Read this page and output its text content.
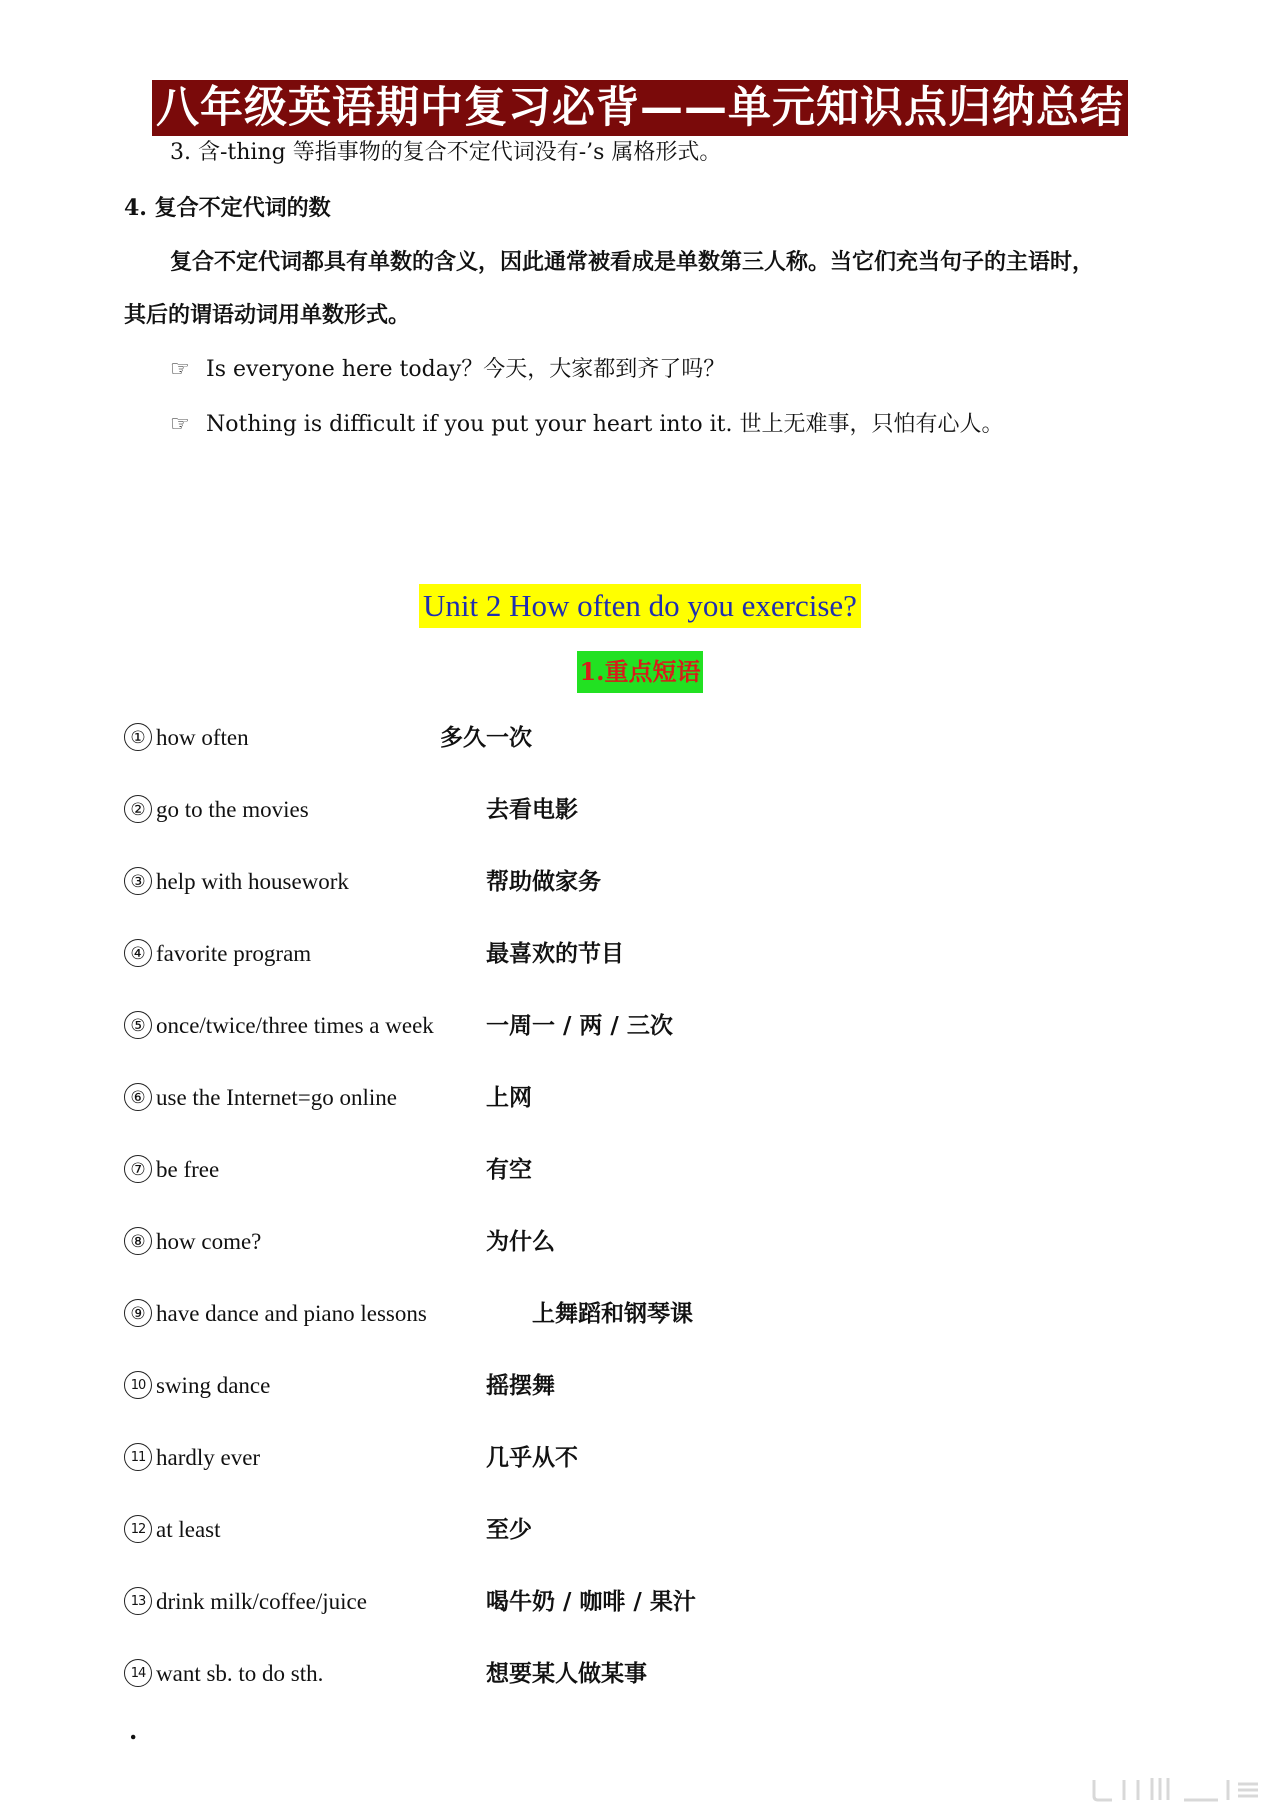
八年级英语期中复习必背——单元知识点归纳总结
3. 含-thing 等指事物的复合不定代词没有-’s 属格形式。
4. 复合不定代词的数
复合不定代词都具有单数的含义，因此通常被看成是单数第三人称。当它们充当句子的主语时，
其后的谓语动词用单数形式。
☞ Is everyone here today？今天，大家都到齐了吗？
☞ Nothing is difficult if you put your heart into it. 世上无难事，只怕有心人。
Unit 2 How often do you exercise?
1.重点短语
① how often	多久一次
② go to the movies	去看电影
③ help with housework	帮助做家务
④ favorite program	最喜欢的节目
⑤ once/twice/three times a week 一周一 / 两 / 三次
⑥ use the Internet=go online	上网
⑦ be free	有空
⑧ how come?	为什么
⑨ have dance and piano lessons	上舞蹈和钢琴课
10 swing dance	摇摆舞
11 hardly ever	几乎从不
12 at least	至少
13 drink milk/coffee/juice	喝牛奶 / 咖啡 / 果汁
14 want sb. to do sth.	想要某人做某事
.
